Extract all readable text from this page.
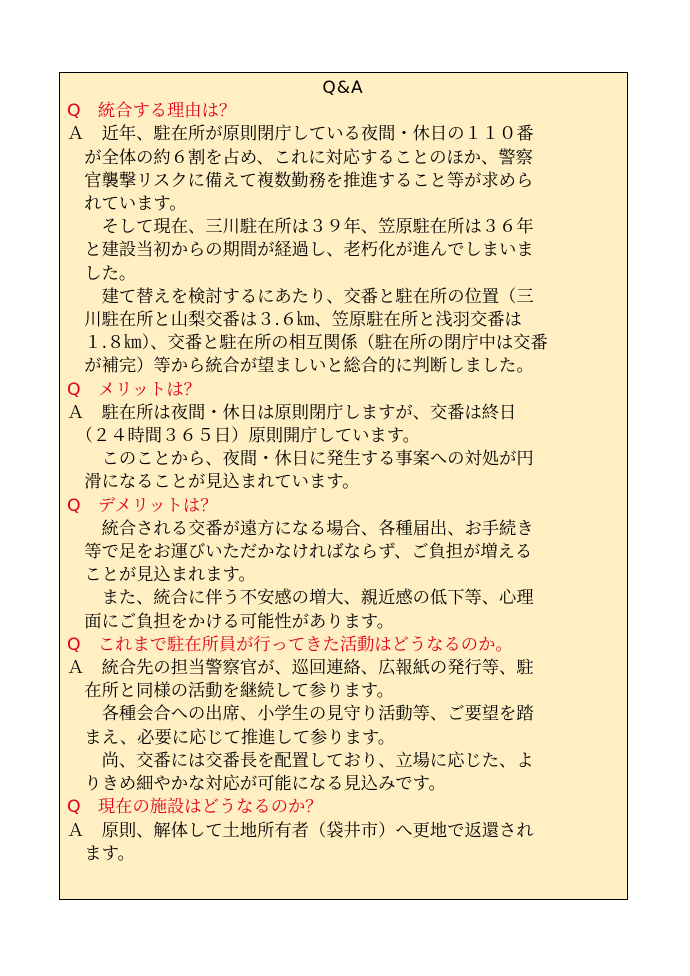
Q&A

Q　統合する理由は？

Ａ　近年、駐在所が原則閉庁している夜間・休日の１１０番
　が全体の約６割を占め、これに対応することのほか、警察
　官襲撃リスクに備えて複数勤務を推進すること等が求めら
　れています。
　　そして現在、三川駐在所は３９年、笠原駐在所は３６年
　と建設当初からの期間が経過し、老朽化が進んでしまいま
　した。
　　建て替えを検討するにあたり、交番と駐在所の位置（三
　川駐在所と山梨交番は３.６㎞、笠原駐在所と浅羽交番は
　１.８㎞）、交番と駐在所の相互関係（駐在所の閉庁中は交番
　が補完）等から統合が望ましいと総合的に判断しました。

Q　メリットは？

Ａ　駐在所は夜間・休日は原則閉庁しますが、交番は終日
　（２４時間３６５日）原則開庁しています。
　　このことから、夜間・休日に発生する事案への対処が円
　滑になることが見込まれています。

Q　デメリットは？

　　統合される交番が遠方になる場合、各種届出、お手続き
　等で足をお運びいただかなければならず、ご負担が増える
　ことが見込まれます。
　　また、統合に伴う不安感の増大、親近感の低下等、心理
　面にご負担をかける可能性があります。

Q　これまで駐在所員が行ってきた活動はどうなるのか。

Ａ　統合先の担当警察官が、巡回連絡、広報紙の発行等、駐
　在所と同様の活動を継続して参ります。
　　各種会合への出席、小学生の見守り活動等、ご要望を踏
　まえ、必要に応じて推進して参ります。
　　尚、交番には交番長を配置しており、立場に応じた、よ
　りきめ細やかな対応が可能になる見込みです。

Q　現在の施設はどうなるのか？

Ａ　原則、解体して土地所有者（袋井市）へ更地で返還され
　ます。
